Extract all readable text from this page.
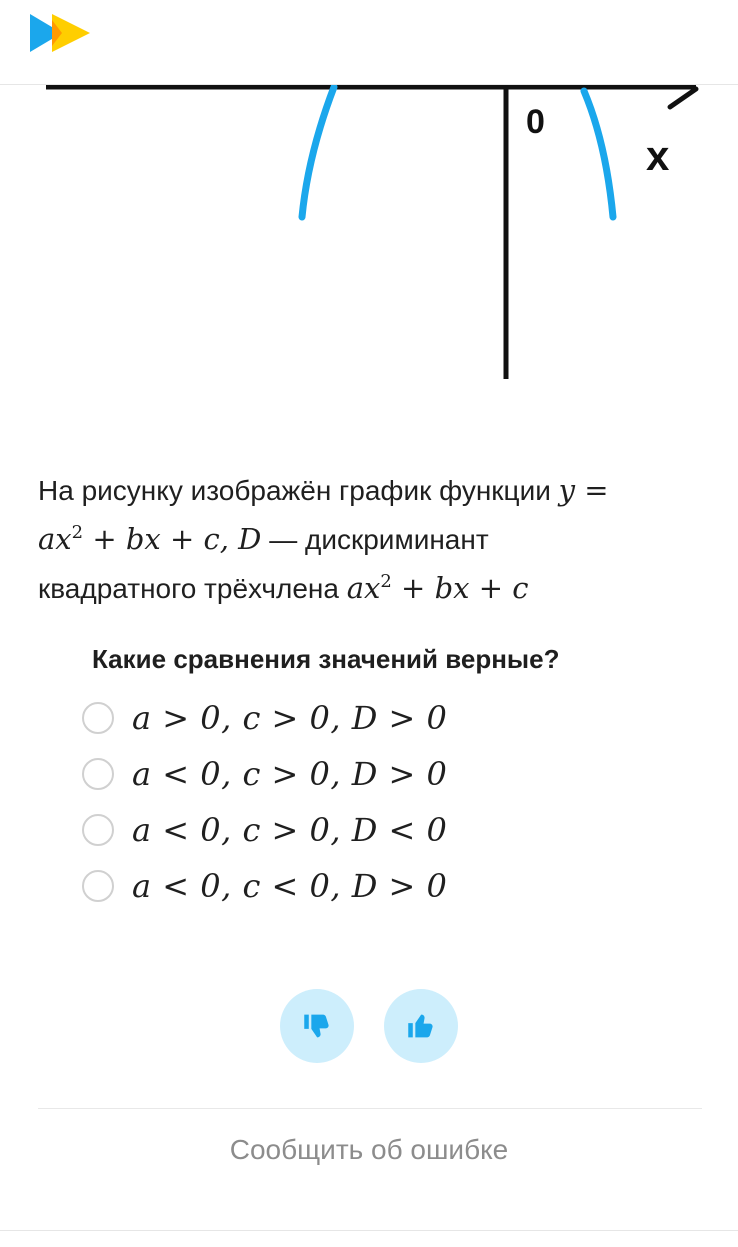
0
x
На рисунку изображён график функции y =
$ax^2$ + bx + c, D — дискриминант
квадратного трёхчлена $ax^2$ + bx + c
Какие сравнения значений верные?
a > 0, c > 0, D > 0
a < 0, c > 0, D > 0
a < 0, c > 0, D < 0
a < 0, c < 0, D > 0
Сообщить об ошибке
